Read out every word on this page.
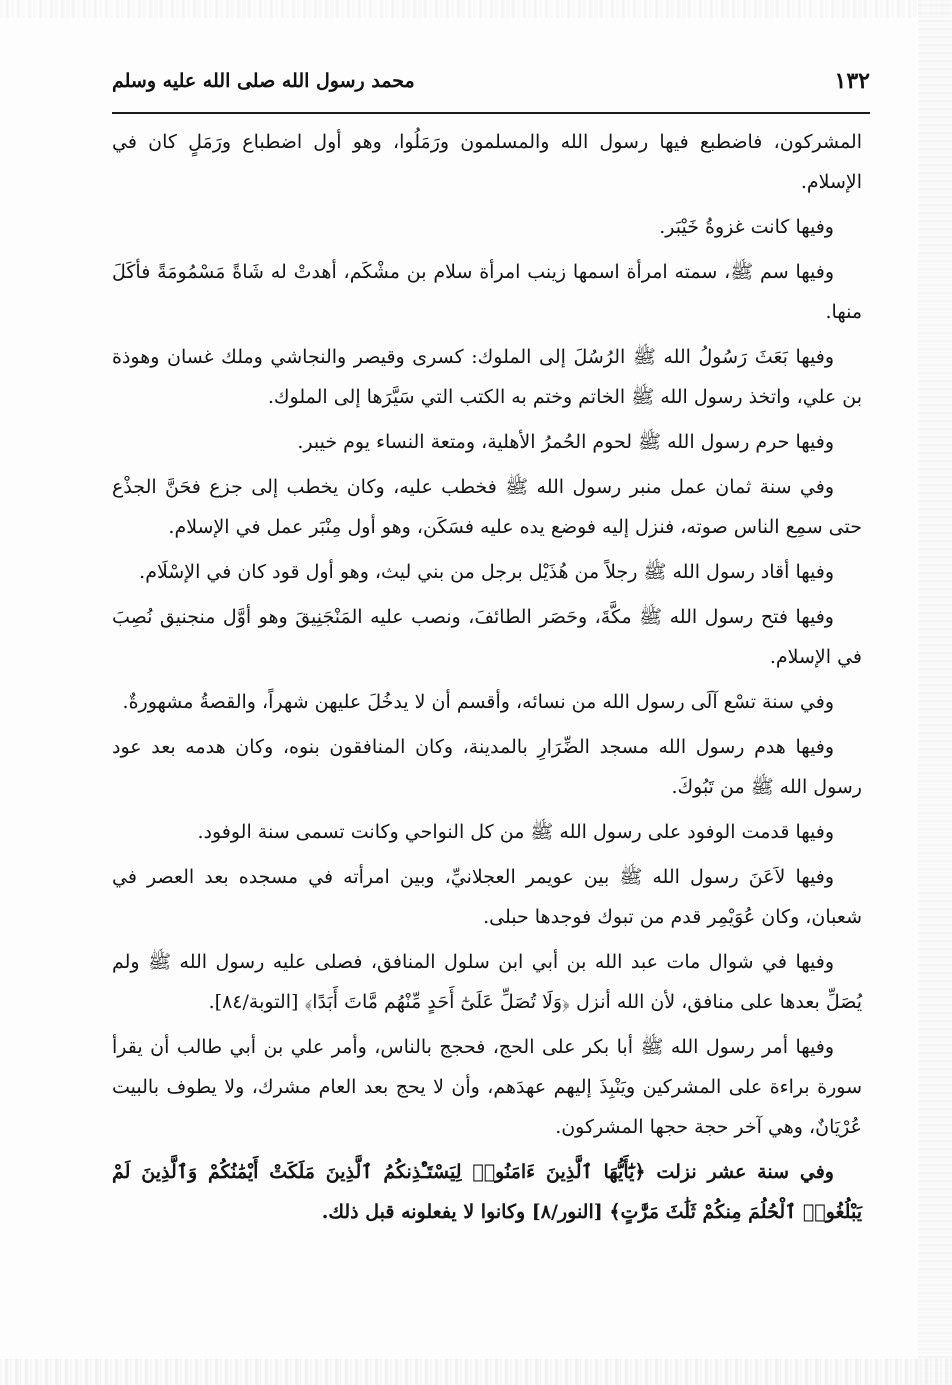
١٣٢
محمد رسول الله صلى الله عليه وسلم

المشركون، فاضطبع فيها رسول الله والمسلمون ورَمَلُوا، وهو أول اضطباع ورَمَلٍ كان في الإسلام.

وفيها كانت غزوةُ خَيْبَر.

وفيها سم ﷺ، سمته امرأة اسمها زينب امرأة سلام بن مشْكَم، أهدتْ له شَاةً مَسْمُومَةً فأكَلَ منها.

وفيها بَعَثَ رَسُولُ الله ﷺ الرُسُلَ إلى الملوك: كسرى وقيصر والنجاشي وملك غسان وهوذة بن علي، واتخذ رسول الله ﷺ الخاتم وختم به الكتب التي سَيَّرَها إلى الملوك.

وفيها حرم رسول الله ﷺ لحوم الحُمرُ الأهلية، ومتعة النساء يوم خيبر.

وفي سنة ثمان عمل منبر رسول الله ﷺ فخطب عليه، وكان يخطب إلى جزع فحَنَّ الجذْع حتى سمِع الناس صوته، فنزل إليه فوضع يده عليه فسَكَن، وهو أول مِنْبَر عمل في الإسلام.

وفيها أقاد رسول الله ﷺ رجلاً من هُذَيْل برجل من بني ليث، وهو أول قود كان في الإسْلَام.

وفيها فتح رسول الله ﷺ مكَّةَ، وحَصَر الطائفَ، ونصب عليه المَنْجَنِيقَ وهو أوَّل منجنيق نُصِبَ في الإسلام.

وفي سنة تسْع آلَى رسول الله من نسائه، وأقسم أن لا يدخُلَ عليهن شهراً، والقصةُ مشهورةٌ.

وفيها هدم رسول الله مسجد الضِّرَارِ بالمدينة، وكان المنافقون بنوه، وكان هدمه بعد عود رسول الله ﷺ من تَبُوكَ.

وفيها قدمت الوفود على رسول الله ﷺ من كل النواحي وكانت تسمى سنة الوفود.

وفيها لاَعَنَ رسول الله ﷺ بين عويمر العجلانيِّ، وبين امرأته في مسجده بعد العصر في شعبان، وكان عُوَيْمِر قدم من تبوك فوجدها حبلى.

وفيها في شوال مات عبد الله بن أبي ابن سلول المنافق، فصلى عليه رسول الله ﷺ ولم يُصَلِّ بعدها على منافق، لأن الله أنزل ﴿وَلَا تُصَلِّ عَلَىٰٓ أَحَدٍ مِّنْهُم مَّاتَ أَبَدًا﴾ [التوبة/٨٤].

وفيها أمر رسول الله ﷺ أبا بكر على الحج، فحجج بالناس، وأمر علي بن أبي طالب أن يقرأ سورة براءة على المشركين ويَنْبِذَ إليهم عهدَهم، وأن لا يحج بعد العام مشرك، ولا يطوف بالبيت عُرْيَانٌ، وهي آخر حجة حجها المشركون.

وفي سنة عشر نزلت ﴿يَٰٓأَيُّهَا ٱلَّذِينَ ءَامَنُوا۟ لِيَسْتَـْٔذِنكُمُ ٱلَّذِينَ مَلَكَتْ أَيْمَٰنُكُمْ وَٱلَّذِينَ لَمْ يَبْلُغُوا۟ ٱلْحُلُمَ مِنكُمْ ثَلَٰثَ مَرَّٰتٍ﴾ [النور/٨] وكانوا لا يفعلونه قبل ذلك.
